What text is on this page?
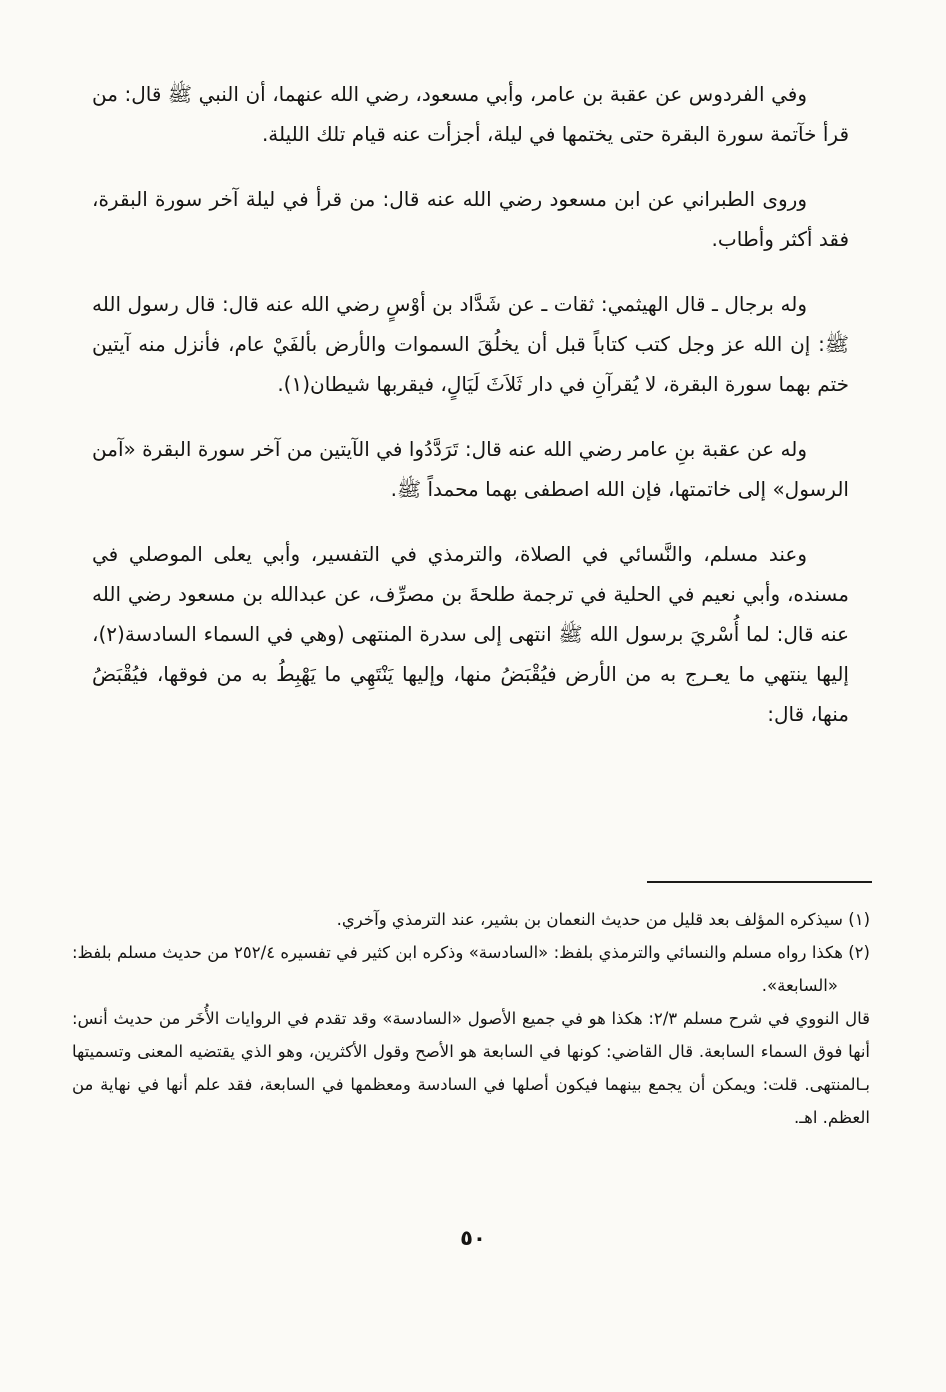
وفي الفردوس عن عقبة بن عامر، وأبي مسعود، رضي الله عنهما، أن النبي ﷺ قال: من قرأ خآتمة سورة البقرة حتى يختمها في ليلة، أجزأت عنه قيام تلك الليلة.

وروى الطبراني عن ابن مسعود رضي الله عنه قال: من قرأ في ليلة آخر سورة البقرة، فقد أكثر وأطاب.

وله برجال ـ قال الهيثمي: ثقات ـ عن شَدَّاد بن أوْسٍ رضي الله عنه قال: قال رسول الله ﷺ: إن الله عز وجل كتب كتاباً قبل أن يخلُقَ السموات والأرض بألفَيْ عام، فأنزل منه آيتين ختم بهما سورة البقرة، لا يُقرآنِ في دار ثَلاَثَ لَيَالٍ، فيقربها شيطان(١).

وله عن عقبة بنِ عامر رضي الله عنه قال: تَرَدَّدُوا في الآيتين من آخر سورة البقرة «آمن الرسول» إلى خاتمتها، فإن الله اصطفى بهما محمداً ﷺ.

وعند مسلم، والنَّسائي في الصلاة، والترمذي في التفسير، وأبي يعلى الموصلي في مسنده، وأبي نعيم في الحلية في ترجمة طلحةَ بن مصرِّف، عن عبدالله بن مسعود رضي الله عنه قال: لما أُسْريَ برسول الله ﷺ انتهى إلى سدرة المنتهى (وهي في السماء السادسة(٢)، إليها ينتهي ما يعـرج به من الأرض فيُقْبَضُ منها، وإليها يَنْتَهِي ما يَهْبِطُ به من فوقها، فيُقْبَضُ منها، قال:

(١) سيذكره المؤلف بعد قليل من حديث النعمان بن بشير، عند الترمذي وآخري.

(٢) هكذا رواه مسلم والنسائي والترمذي بلفظ: «السادسة» وذكره ابن كثير في تفسيره ٢٥٢/٤ من حديث مسلم بلفظ: «السابعة».

قال النووي في شرح مسلم ٢/٣: هكذا هو في جميع الأصول «السادسة» وقد تقدم في الروايات الأُخَر من حديث أنس: أنها فوق السماء السابعة. قال القاضي: كونها في السابعة هو الأصح وقول الأكثرين، وهو الذي يقتضيه المعنى وتسميتها بـالمنتهى. قلت: ويمكن أن يجمع بينهما فيكون أصلها في السادسة ومعظمها في السابعة، فقد علم أنها في نهاية من العظم. اهـ.

٥٠
